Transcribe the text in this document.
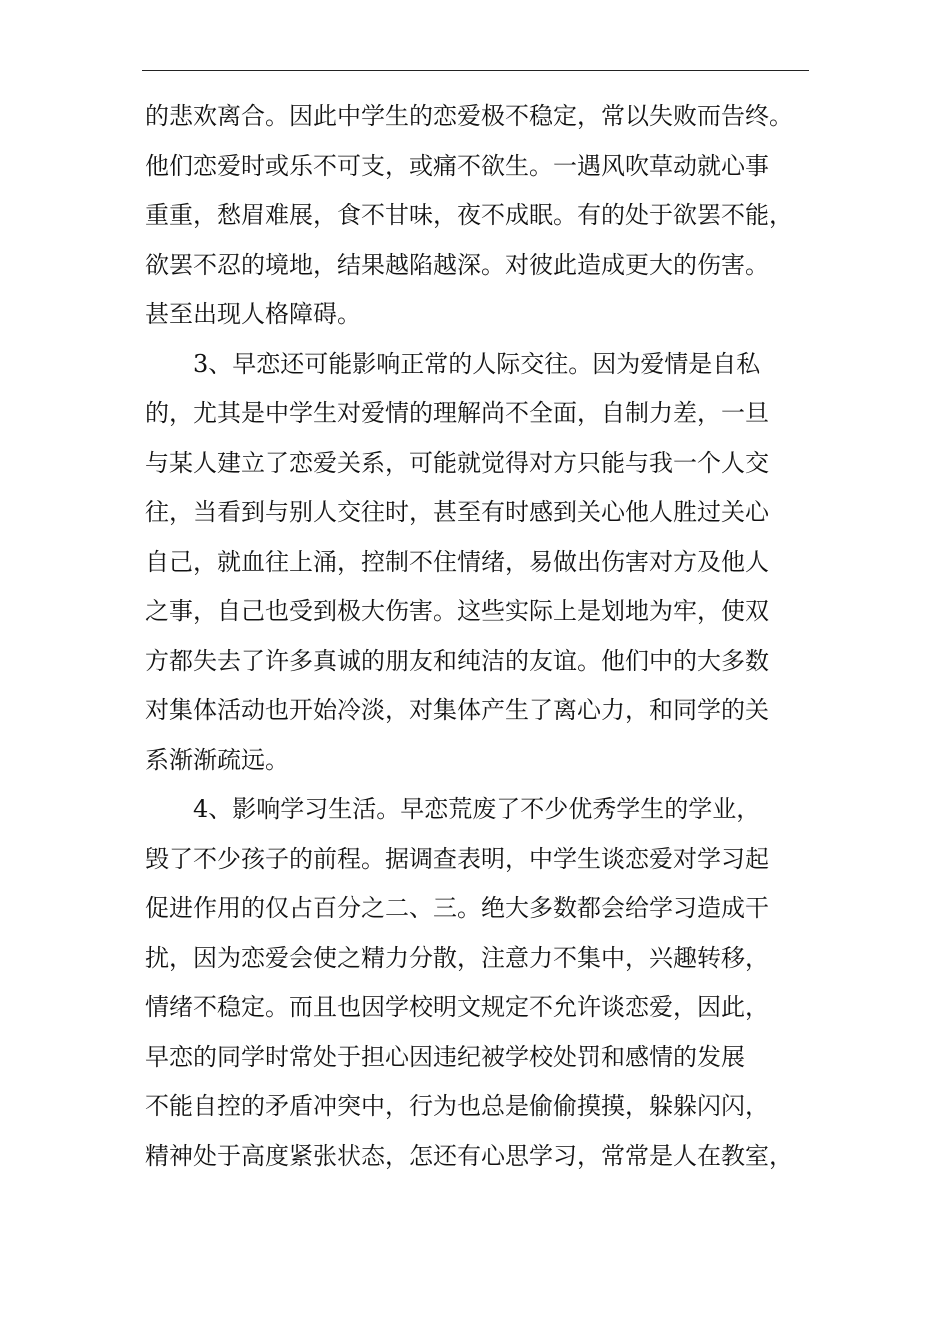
的悲欢离合。因此中学生的恋爱极不稳定，常以失败而告终。
他们恋爱时或乐不可支，或痛不欲生。一遇风吹草动就心事
重重，愁眉难展，食不甘味，夜不成眠。有的处于欲罢不能，
欲罢不忍的境地，结果越陷越深。对彼此造成更大的伤害。
甚至出现人格障碍。
3、早恋还可能影响正常的人际交往。因为爱情是自私
的，尤其是中学生对爱情的理解尚不全面，自制力差，一旦
与某人建立了恋爱关系，可能就觉得对方只能与我一个人交
往，当看到与别人交往时，甚至有时感到关心他人胜过关心
自己，就血往上涌，控制不住情绪，易做出伤害对方及他人
之事，自己也受到极大伤害。这些实际上是划地为牢，使双
方都失去了许多真诚的朋友和纯洁的友谊。他们中的大多数
对集体活动也开始冷淡，对集体产生了离心力，和同学的关
系渐渐疏远。
4、影响学习生活。早恋荒废了不少优秀学生的学业，
毁了不少孩子的前程。据调查表明，中学生谈恋爱对学习起
促进作用的仅占百分之二、三。绝大多数都会给学习造成干
扰，因为恋爱会使之精力分散，注意力不集中，兴趣转移，
情绪不稳定。而且也因学校明文规定不允许谈恋爱，因此，
早恋的同学时常处于担心因违纪被学校处罚和感情的发展
不能自控的矛盾冲突中，行为也总是偷偷摸摸，躲躲闪闪，
精神处于高度紧张状态，怎还有心思学习，常常是人在教室，
